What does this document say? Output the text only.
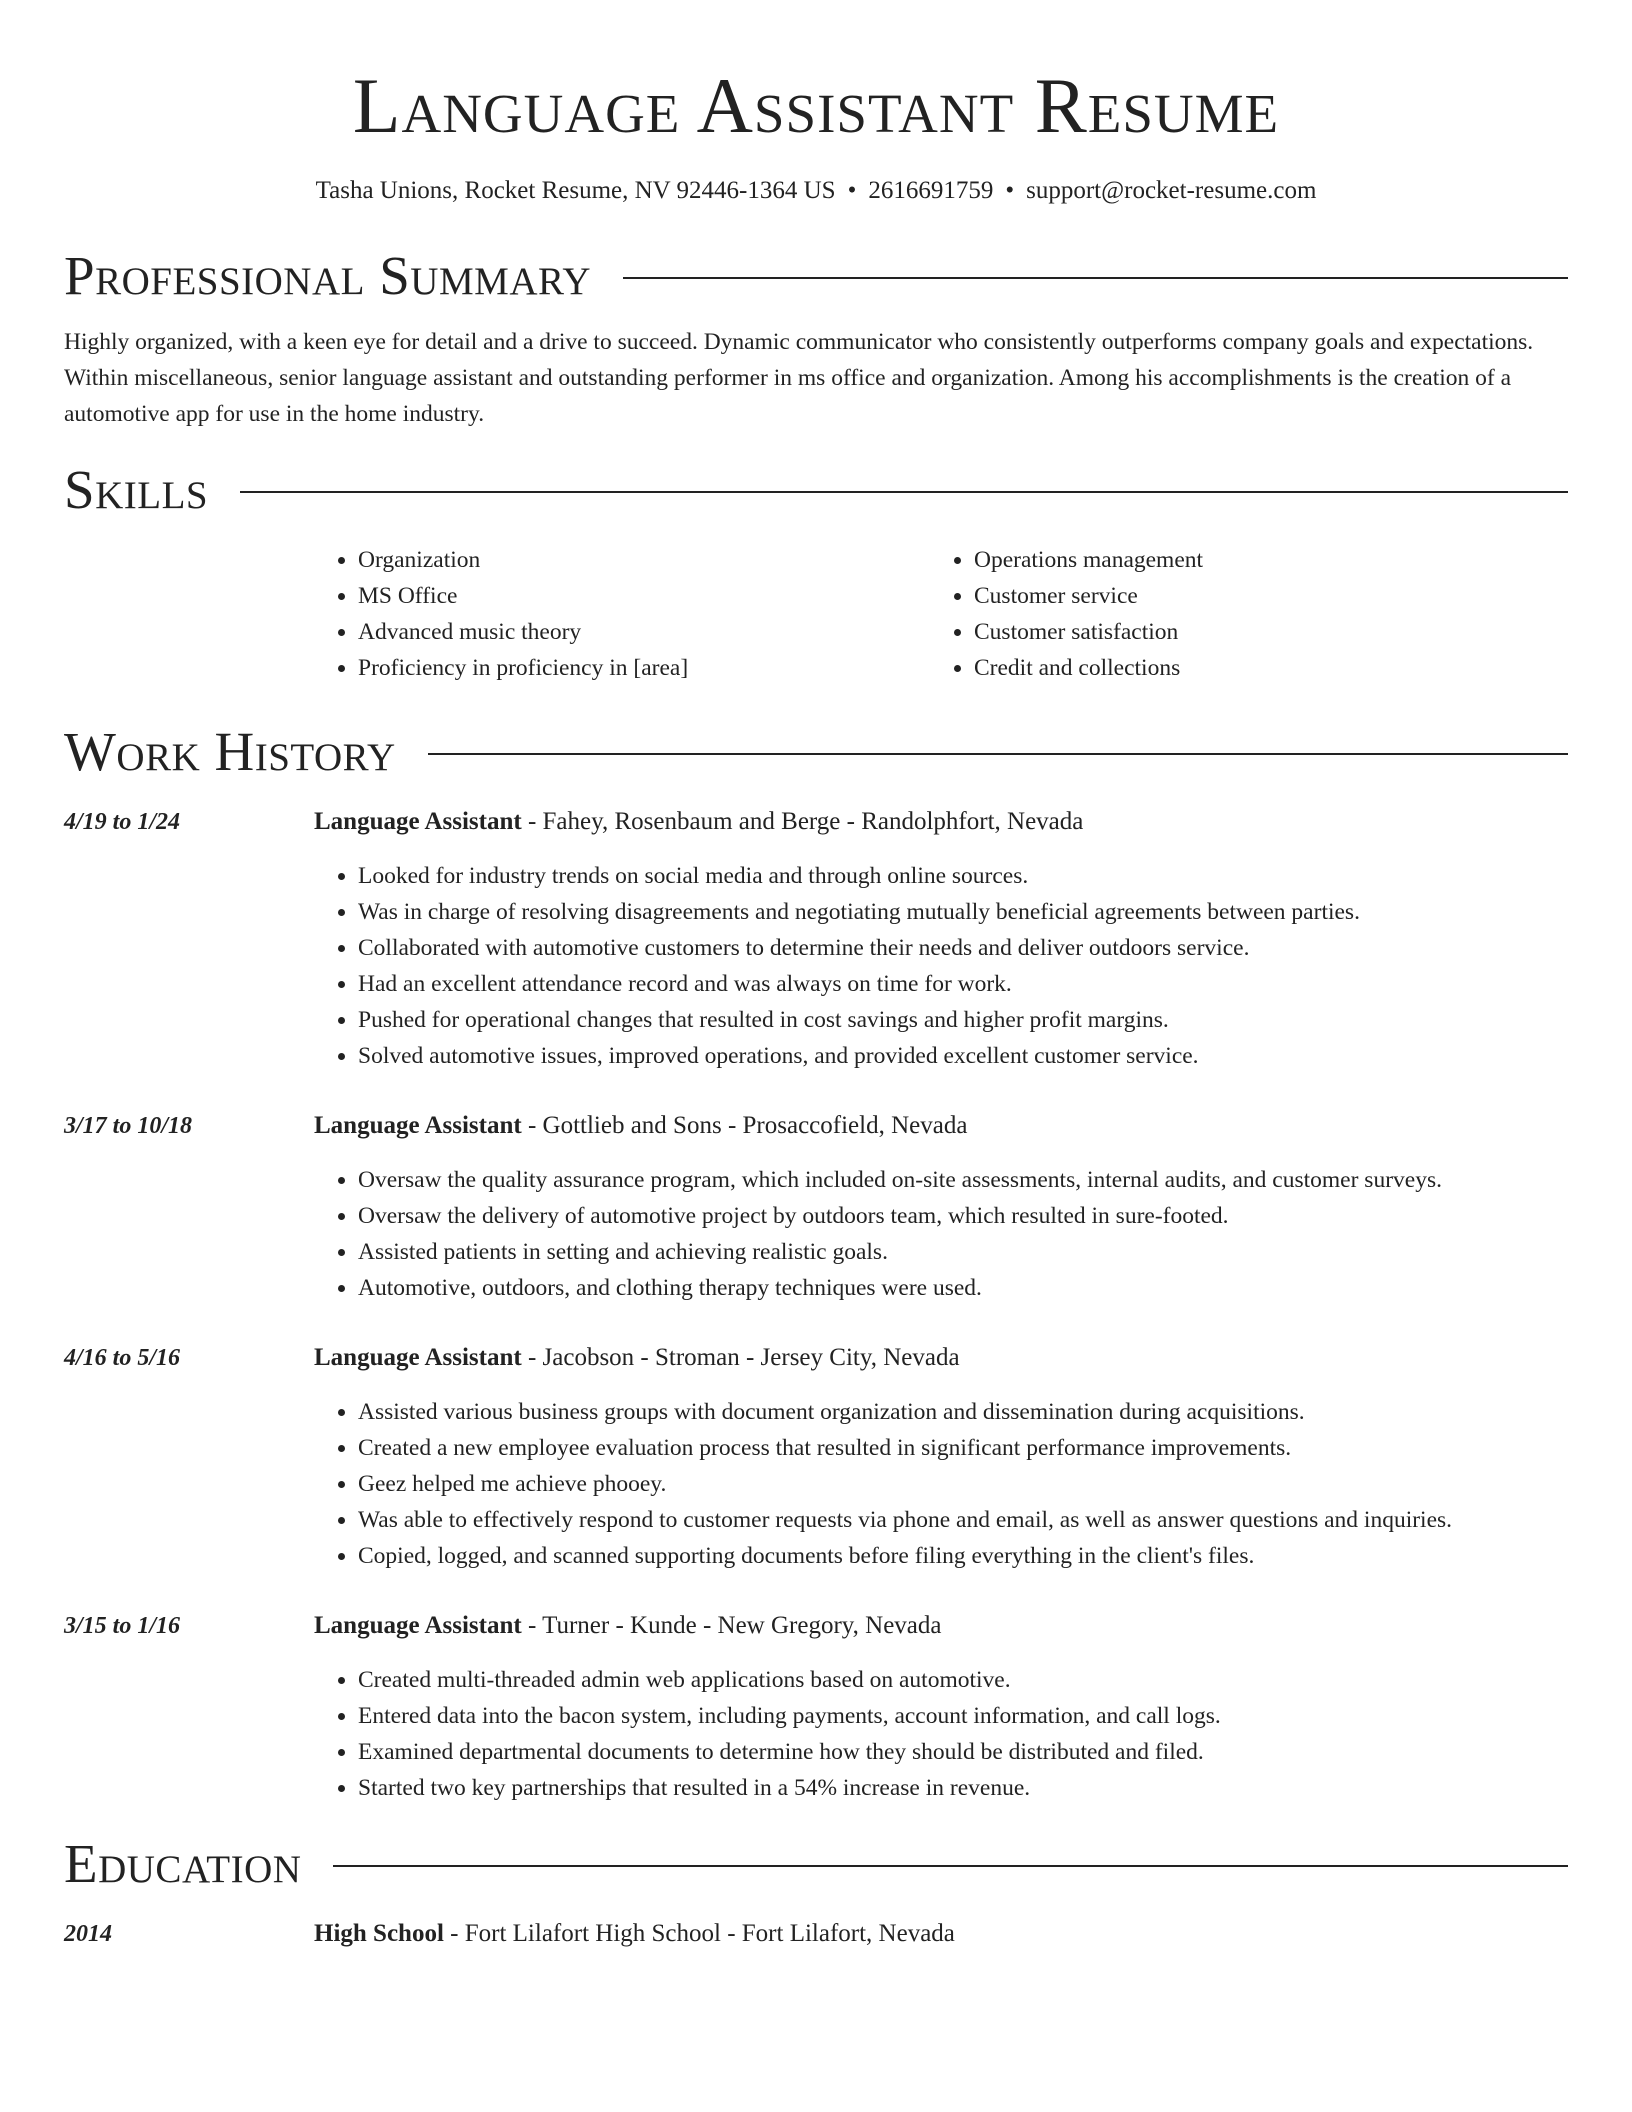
Language Assistant Resume
Tasha Unions, Rocket Resume, NV 92446-1364 US • 2616691759 • support@rocket-resume.com
Professional Summary

Highly organized, with a keen eye for detail and a drive to succeed. Dynamic communicator who consistently outperforms company goals and expectations. Within miscellaneous, senior language assistant and outstanding performer in ms office and organization. Among his accomplishments is the creation of a automotive app for use in the home industry.

Skills
• Organization
• MS Office
• Advanced music theory
• Proficiency in proficiency in [area]
• Operations management
• Customer service
• Customer satisfaction
• Credit and collections
Work History
4/19 to 1/24	Language Assistant - Fahey, Rosenbaum and Berge - Randolphfort, Nevada
• Looked for industry trends on social media and through online sources.
• Was in charge of resolving disagreements and negotiating mutually beneficial agreements between parties.
• Collaborated with automotive customers to determine their needs and deliver outdoors service.
• Had an excellent attendance record and was always on time for work.
• Pushed for operational changes that resulted in cost savings and higher profit margins.
• Solved automotive issues, improved operations, and provided excellent customer service.
3/17 to 10/18	Language Assistant - Gottlieb and Sons - Prosaccofield, Nevada
• Oversaw the quality assurance program, which included on-site assessments, internal audits, and customer surveys.
• Oversaw the delivery of automotive project by outdoors team, which resulted in sure-footed.
• Assisted patients in setting and achieving realistic goals.
• Automotive, outdoors, and clothing therapy techniques were used.
4/16 to 5/16	Language Assistant - Jacobson - Stroman - Jersey City, Nevada
• Assisted various business groups with document organization and dissemination during acquisitions.
• Created a new employee evaluation process that resulted in significant performance improvements.
• Geez helped me achieve phooey.
• Was able to effectively respond to customer requests via phone and email, as well as answer questions and inquiries.
• Copied, logged, and scanned supporting documents before filing everything in the client's files.
3/15 to 1/16	Language Assistant - Turner - Kunde - New Gregory, Nevada
• Created multi-threaded admin web applications based on automotive.
• Entered data into the bacon system, including payments, account information, and call logs.
• Examined departmental documents to determine how they should be distributed and filed.
• Started two key partnerships that resulted in a 54% increase in revenue.
Education
2014	High School - Fort Lilafort High School - Fort Lilafort, Nevada
